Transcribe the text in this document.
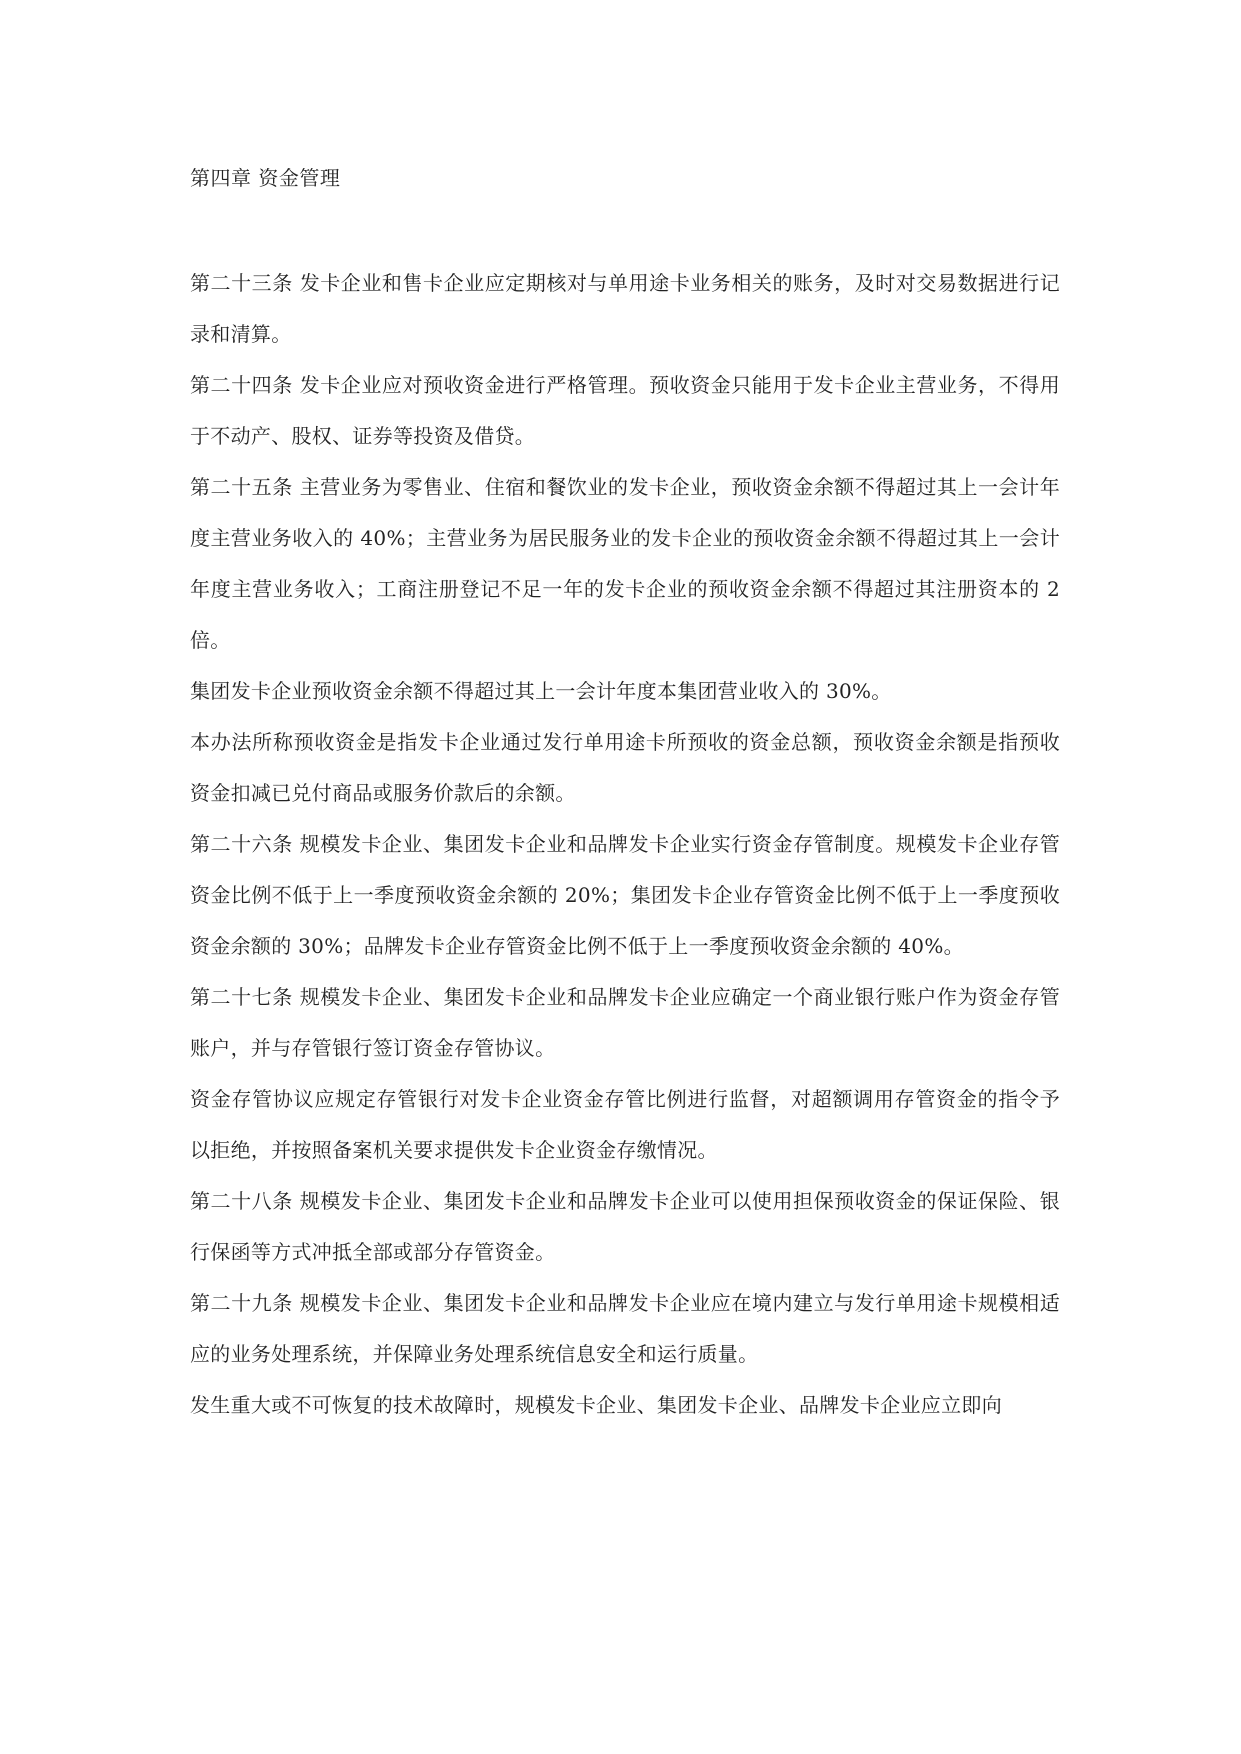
第四章 资金管理

第二十三条 发卡企业和售卡企业应定期核对与单用途卡业务相关的账务，及时对交易数据进行记录和清算。

第二十四条 发卡企业应对预收资金进行严格管理。预收资金只能用于发卡企业主营业务，不得用于不动产、股权、证券等投资及借贷。

第二十五条 主营业务为零售业、住宿和餐饮业的发卡企业，预收资金余额不得超过其上一会计年度主营业务收入的 40%；主营业务为居民服务业的发卡企业的预收资金余额不得超过其上一会计年度主营业务收入；工商注册登记不足一年的发卡企业的预收资金余额不得超过其注册资本的 2 倍。

集团发卡企业预收资金余额不得超过其上一会计年度本集团营业收入的 30%。

本办法所称预收资金是指发卡企业通过发行单用途卡所预收的资金总额，预收资金余额是指预收资金扣减已兑付商品或服务价款后的余额。

第二十六条 规模发卡企业、集团发卡企业和品牌发卡企业实行资金存管制度。规模发卡企业存管资金比例不低于上一季度预收资金余额的 20%；集团发卡企业存管资金比例不低于上一季度预收资金余额的 30%；品牌发卡企业存管资金比例不低于上一季度预收资金余额的 40%。

第二十七条 规模发卡企业、集团发卡企业和品牌发卡企业应确定一个商业银行账户作为资金存管账户，并与存管银行签订资金存管协议。

资金存管协议应规定存管银行对发卡企业资金存管比例进行监督，对超额调用存管资金的指令予以拒绝，并按照备案机关要求提供发卡企业资金存缴情况。

第二十八条 规模发卡企业、集团发卡企业和品牌发卡企业可以使用担保预收资金的保证保险、银行保函等方式冲抵全部或部分存管资金。

第二十九条 规模发卡企业、集团发卡企业和品牌发卡企业应在境内建立与发行单用途卡规模相适应的业务处理系统，并保障业务处理系统信息安全和运行质量。

发生重大或不可恢复的技术故障时，规模发卡企业、集团发卡企业、品牌发卡企业应立即向
